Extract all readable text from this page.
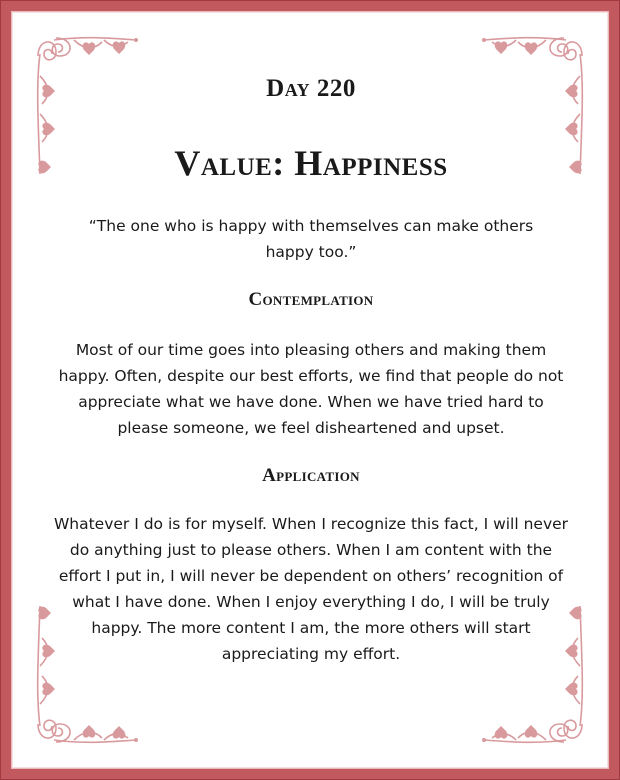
Day 220
Value: Happiness

“The one who is happy with themselves can make others happy too.”

Contemplation

Most of our time goes into pleasing others and making them happy. Often, despite our best efforts, we find that people do not appreciate what we have done. When we have tried hard to please someone, we feel disheartened and upset.

Application

Whatever I do is for myself. When I recognize this fact, I will never do anything just to please others. When I am content with the effort I put in, I will never be dependent on others’ recognition of what I have done. When I enjoy everything I do, I will be truly happy. The more content I am, the more others will start appreciating my effort.
